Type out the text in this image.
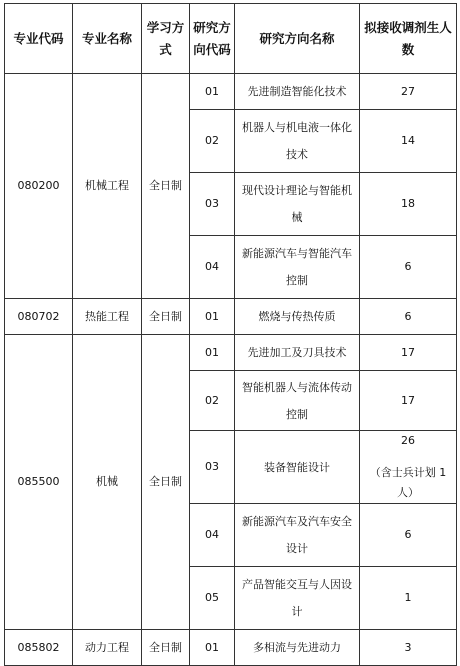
专业代码	专业名称	学习方式	研究方向代码	研究方向名称	拟接收调剂生人数
080200	机械工程	全日制	01	先进制造智能化技术	27

			02	机器人与机电液一体化技术	14

			03	现代设计理论与智能机械	18

			04	新能源汽车与智能汽车控制	6

080702	热能工程	全日制	01	燃烧与传热传质	6

085500	机械	全日制	01	先进加工及刀具技术	17

			02	智能机器人与流体传动控制	17

			03	装备智能设计	26
（含士兵计划 1 人）

			04	新能源汽车及汽车安全设计	6

			05	产品智能交互与人因设计	1

085802	动力工程	全日制	01	多相流与先进动力	3
